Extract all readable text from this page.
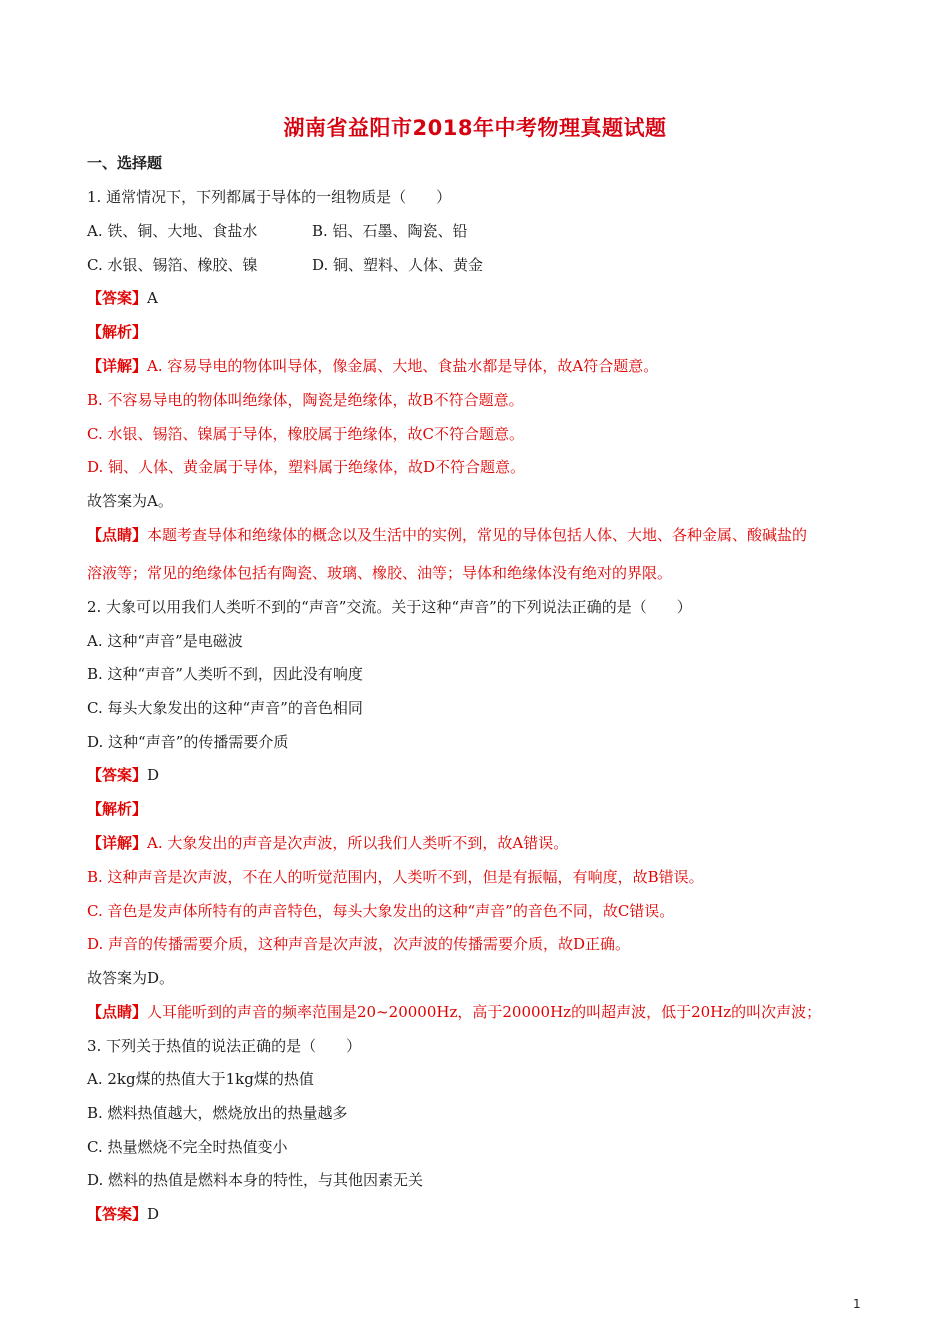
湖南省益阳市2018年中考物理真题试题
一、选择题
1. 通常情况下，下列都属于导体的一组物质是（　　）
A. 铁、铜、大地、食盐水	B. 铝、石墨、陶瓷、铅
C. 水银、锡箔、橡胶、镍	D. 铜、塑料、人体、黄金
【答案】A
【解析】
【详解】A. 容易导电的物体叫导体，像金属、大地、食盐水都是导体，故A符合题意。
B. 不容易导电的物体叫绝缘体，陶瓷是绝缘体，故B不符合题意。
C. 水银、锡箔、镍属于导体，橡胶属于绝缘体，故C不符合题意。
D. 铜、人体、黄金属于导体，塑料属于绝缘体，故D不符合题意。
故答案为A。
【点睛】本题考查导体和绝缘体的概念以及生活中的实例，常见的导体包括人体、大地、各种金属、酸碱盐的
溶液等；常见的绝缘体包括有陶瓷、玻璃、橡胶、油等；导体和绝缘体没有绝对的界限。
2. 大象可以用我们人类听不到的“声音”交流。关于这种“声音”的下列说法正确的是（　　）
A. 这种“声音”是电磁波
B. 这种“声音”人类听不到，因此没有响度
C. 每头大象发出的这种“声音”的音色相同
D. 这种“声音”的传播需要介质
【答案】D
【解析】
【详解】A. 大象发出的声音是次声波，所以我们人类听不到，故A错误。
B. 这种声音是次声波，不在人的听觉范围内，人类听不到，但是有振幅，有响度，故B错误。
C. 音色是发声体所特有的声音特色，每头大象发出的这种“声音”的音色不同，故C错误。
D. 声音的传播需要介质，这种声音是次声波，次声波的传播需要介质，故D正确。
故答案为D。
【点睛】人耳能听到的声音的频率范围是20~20000Hz，高于20000Hz的叫超声波，低于20Hz的叫次声波；
3. 下列关于热值的说法正确的是（　　）
A. 2kg煤的热值大于1kg煤的热值
B. 燃料热值越大，燃烧放出的热量越多
C. 热量燃烧不完全时热值变小
D. 燃料的热值是燃料本身的特性，与其他因素无关
【答案】D
1
